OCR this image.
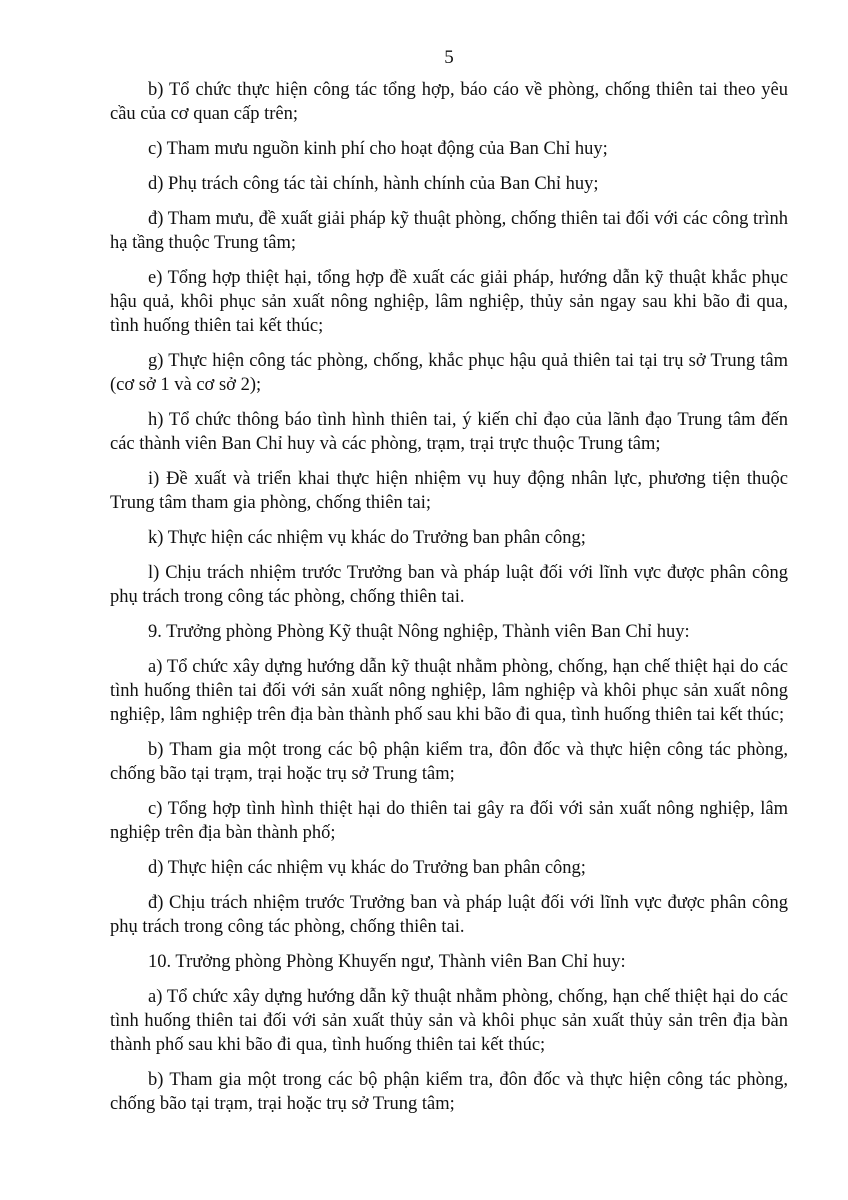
5

b) Tổ chức thực hiện công tác tổng hợp, báo cáo về phòng, chống thiên tai theo yêu cầu của cơ quan cấp trên;

c) Tham mưu nguồn kinh phí cho hoạt động của Ban Chỉ huy;

d) Phụ trách công tác tài chính, hành chính của Ban Chỉ huy;

đ) Tham mưu, đề xuất giải pháp kỹ thuật phòng, chống thiên tai đối với các công trình hạ tầng thuộc Trung tâm;

e) Tổng hợp thiệt hại, tổng hợp đề xuất các giải pháp, hướng dẫn kỹ thuật khắc phục hậu quả, khôi phục sản xuất nông nghiệp, lâm nghiệp, thủy sản ngay sau khi bão đi qua, tình huống thiên tai kết thúc;

g) Thực hiện công tác phòng, chống, khắc phục hậu quả thiên tai tại trụ sở Trung tâm (cơ sở 1 và cơ sở 2);

h) Tổ chức thông báo tình hình thiên tai, ý kiến chỉ đạo của lãnh đạo Trung tâm đến các thành viên Ban Chỉ huy và các phòng, trạm, trại trực thuộc Trung tâm;

i) Đề xuất và triển khai thực hiện nhiệm vụ huy động nhân lực, phương tiện thuộc Trung tâm tham gia phòng, chống thiên tai;

k) Thực hiện các nhiệm vụ khác do Trưởng ban phân công;

l) Chịu trách nhiệm trước Trưởng ban và pháp luật đối với lĩnh vực được phân công phụ trách trong công tác phòng, chống thiên tai.

9. Trưởng phòng Phòng Kỹ thuật Nông nghiệp, Thành viên Ban Chỉ huy:

a) Tổ chức xây dựng hướng dẫn kỹ thuật nhằm phòng, chống, hạn chế thiệt hại do các tình huống thiên tai đối với sản xuất nông nghiệp, lâm nghiệp và khôi phục sản xuất nông nghiệp, lâm nghiệp trên địa bàn thành phố sau khi bão đi qua, tình huống thiên tai kết thúc;

b) Tham gia một trong các bộ phận kiểm tra, đôn đốc và thực hiện công tác phòng, chống bão tại trạm, trại hoặc trụ sở Trung tâm;

c) Tổng hợp tình hình thiệt hại do thiên tai gây ra đối với sản xuất nông nghiệp, lâm nghiệp trên địa bàn thành phố;

d) Thực hiện các nhiệm vụ khác do Trưởng ban phân công;

đ) Chịu trách nhiệm trước Trưởng ban và pháp luật đối với lĩnh vực được phân công phụ trách trong công tác phòng, chống thiên tai.

10. Trưởng phòng Phòng Khuyến ngư, Thành viên Ban Chỉ huy:

a) Tổ chức xây dựng hướng dẫn kỹ thuật nhằm phòng, chống, hạn chế thiệt hại do các tình huống thiên tai đối với sản xuất thủy sản và khôi phục sản xuất thủy sản trên địa bàn thành phố sau khi bão đi qua, tình huống thiên tai kết thúc;

b) Tham gia một trong các bộ phận kiểm tra, đôn đốc và thực hiện công tác phòng, chống bão tại trạm, trại hoặc trụ sở Trung tâm;
